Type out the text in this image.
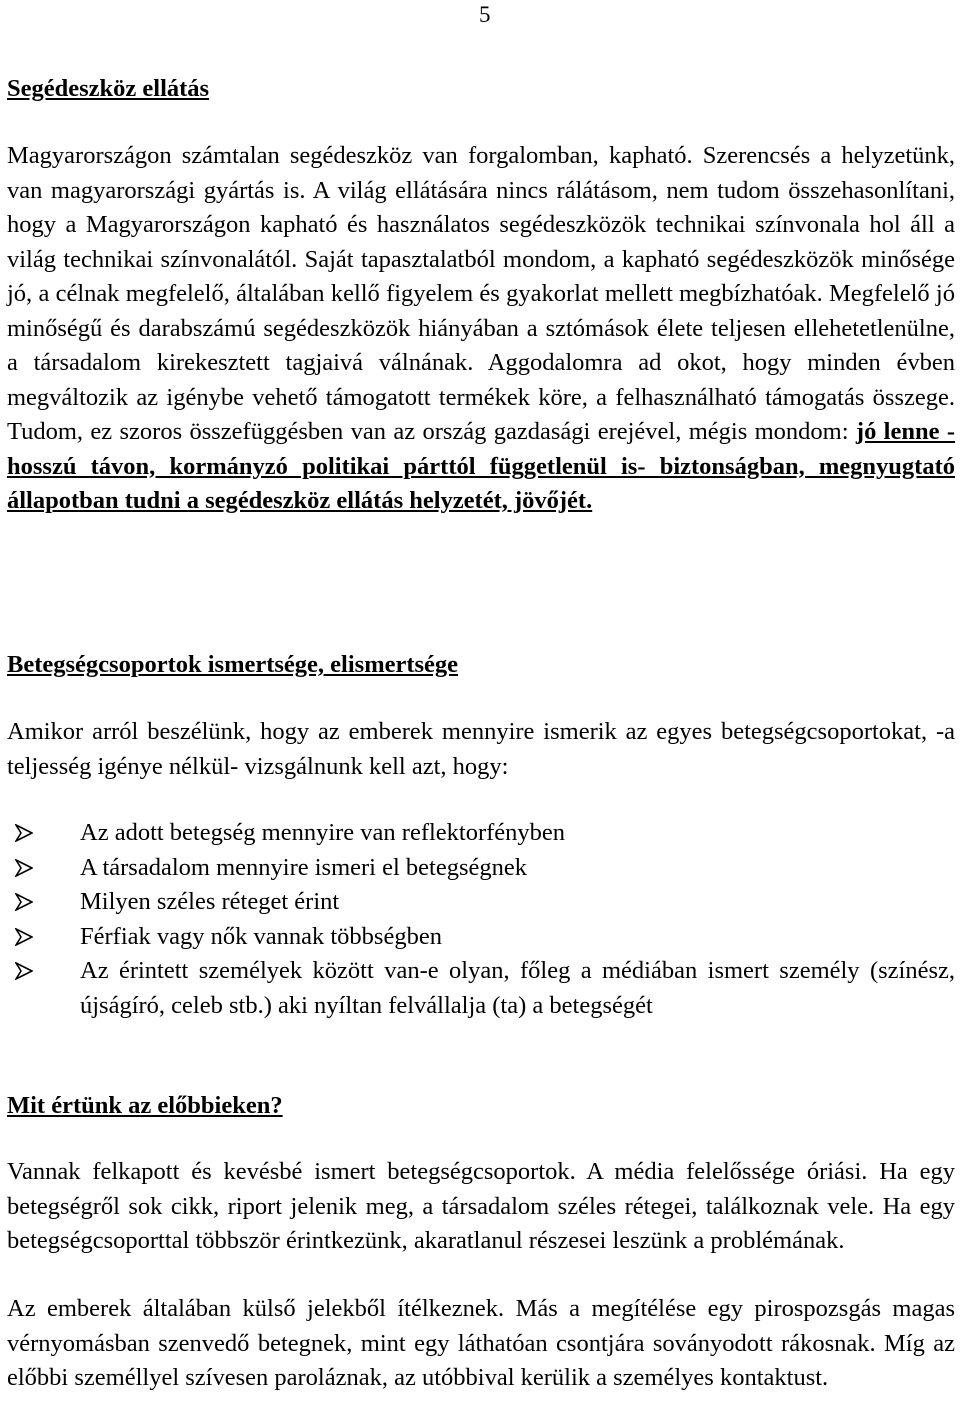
5
Segédeszköz ellátás

Magyarországon számtalan segédeszköz van forgalomban, kapható. Szerencsés a helyzetünk, van magyarországi gyártás is. A világ ellátására nincs rálátásom, nem tudom összehasonlítani, hogy a Magyarországon kapható és használatos segédeszközök technikai színvonala hol áll a világ technikai színvonalától. Saját tapasztalatból mondom, a kapható segédeszközök minősége jó, a célnak megfelelő, általában kellő figyelem és gyakorlat mellett megbízhatóak. Megfelelő jó minőségű és darabszámú segédeszközök hiányában a sztómások élete teljesen ellehetetlenülne, a társadalom kirekesztett tagjaivá válnának. Aggodalomra ad okot, hogy minden évben megváltozik az igénybe vehető támogatott termékek köre, a felhasználható támogatás összege. Tudom, ez szoros összefüggésben van az ország gazdasági erejével, mégis mondom: jó lenne -hosszú távon, kormányzó politikai párttól függetlenül is- biztonságban, megnyugtató állapotban tudni a segédeszköz ellátás helyzetét, jövőjét.

Betegségcsoportok ismertsége, elismertsége

Amikor arról beszélünk, hogy az emberek mennyire ismerik az egyes betegségcsoportokat, -a teljesség igénye nélkül- vizsgálnunk kell azt, hogy:

Az adott betegség mennyire van reflektorfényben
A társadalom mennyire ismeri el betegségnek
Milyen széles réteget érint
Férfiak vagy nők vannak többségben
Az érintett személyek között van-e olyan, főleg a médiában ismert személy (színész, újságíró, celeb stb.) aki nyíltan felvállalja (ta) a betegségét
Mit értünk az előbbieken?

Vannak felkapott és kevésbé ismert betegségcsoportok. A média felelőssége óriási. Ha egy betegségről sok cikk, riport jelenik meg, a társadalom széles rétegei, találkoznak vele. Ha egy betegségcsoporttal többször érintkezünk, akaratlanul részesei leszünk a problémának.

Az emberek általában külső jelekből ítélkeznek. Más a megítélése egy pirospozsgás magas vérnyomásban szenvedő betegnek, mint egy láthatóan csontjára soványodott rákosnak. Míg az előbbi személlyel szívesen paroláznak, az utóbbival kerülik a személyes kontaktust.
